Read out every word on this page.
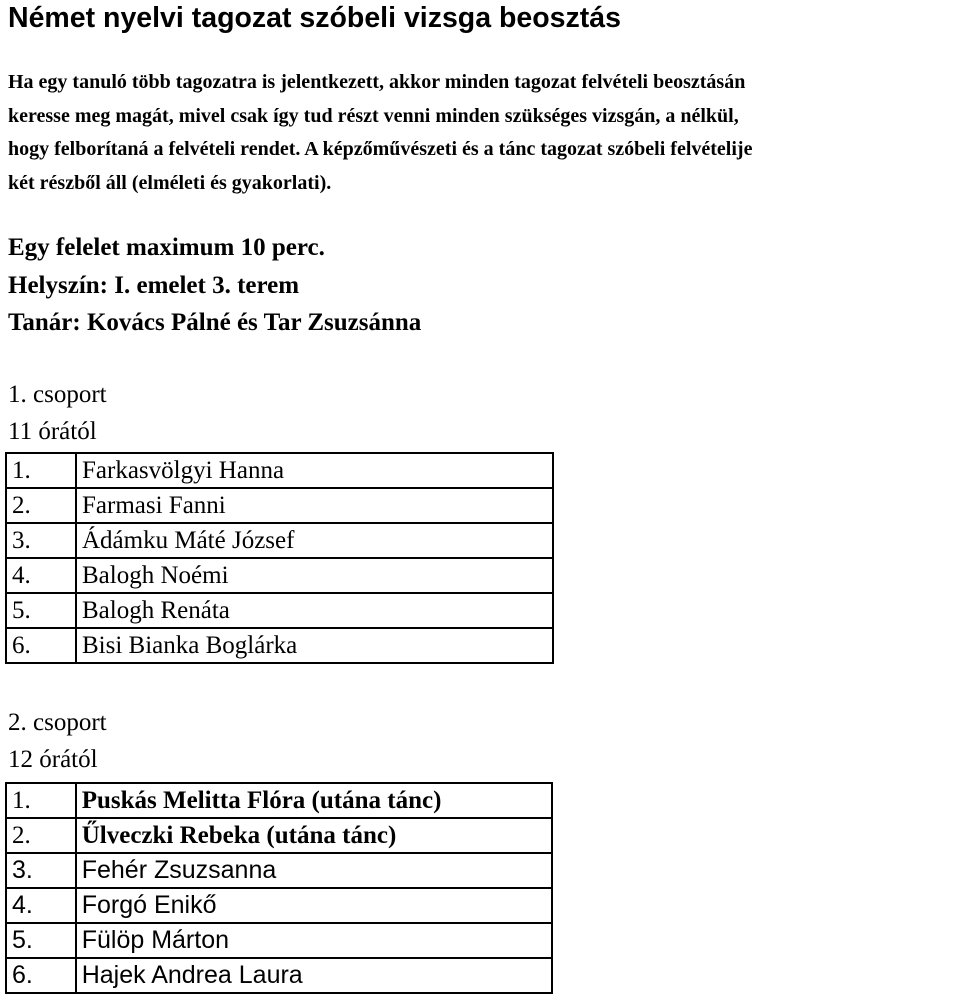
Német nyelvi tagozat szóbeli vizsga beosztás

Ha egy tanuló több tagozatra is jelentkezett, akkor minden tagozat felvételi beosztásán
keresse meg magát, mivel csak így tud részt venni minden szükséges vizsgán, a nélkül,
hogy felborítaná a felvételi rendet. A képzőművészeti és a tánc tagozat szóbeli felvételije
két részből áll (elméleti és gyakorlati).

Egy felelet maximum 10 perc.

Helyszín: I. emelet 3. terem

Tanár: Kovács Pálné és Tar Zsuzsánna

1. csoport

11 órától

1.	Farkasvölgyi Hanna
2.	Farmasi Fanni
3.	Ádámku Máté József
4.	Balogh Noémi
5.	Balogh Renáta
6.	Bisi Bianka Boglárka

2. csoport

12 órától

1.	Puskás Melitta Flóra (utána tánc)
2.	Űlveczki Rebeka (utána tánc)
3.	Fehér Zsuzsanna
4.	Forgó Enikő
5.	Fülöp Márton
6.	Hajek Andrea Laura
